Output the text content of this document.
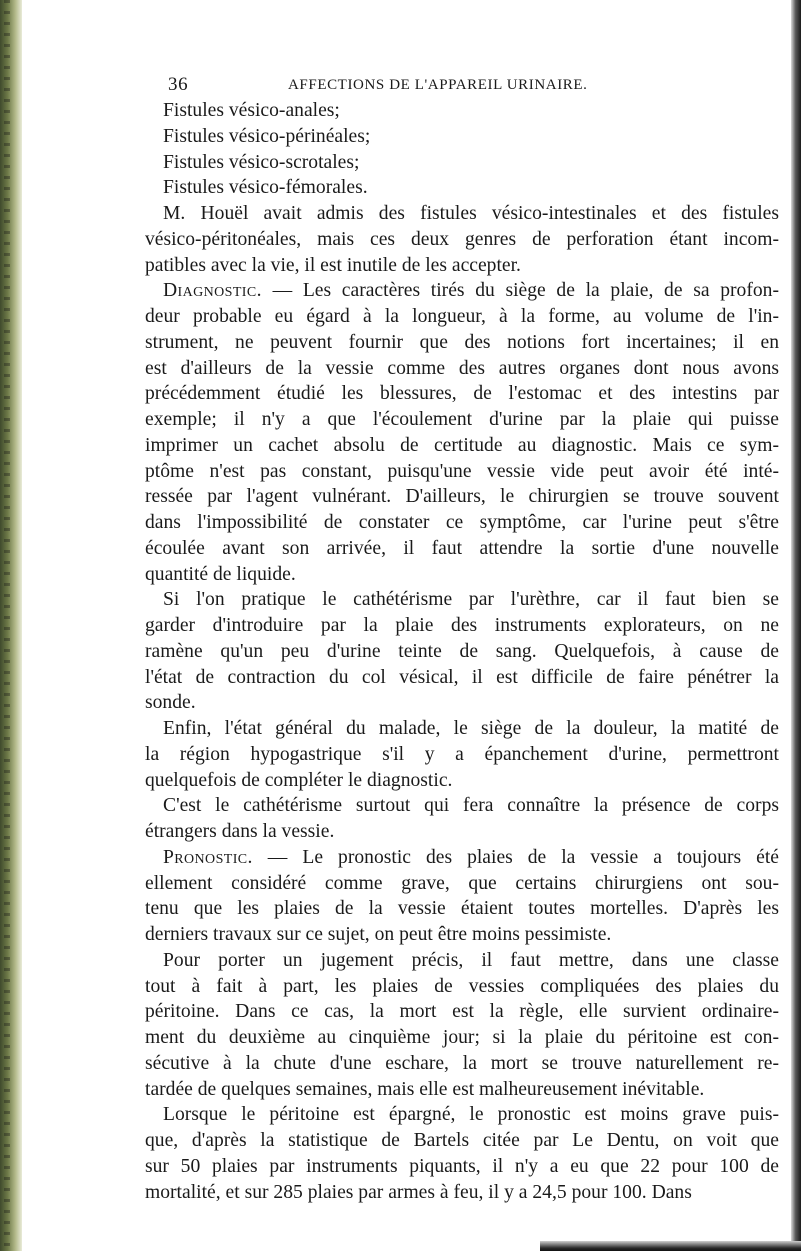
36	AFFECTIONS DE L'APPAREIL URINAIRE.
Fistules vésico-anales;
Fistules vésico-périnéales;
Fistules vésico-scrotales;
Fistules vésico-fémorales.
M. Houël avait admis des fistules vésico-intestinales et des fistules
vésico-péritonéales, mais ces deux genres de perforation étant incom-
patibles avec la vie, il est inutile de les accepter.
Diagnostic. — Les caractères tirés du siège de la plaie, de sa profon-
deur probable eu égard à la longueur, à la forme, au volume de l'in-
strument, ne peuvent fournir que des notions fort incertaines; il en
est d'ailleurs de la vessie comme des autres organes dont nous avons
précédemment étudié les blessures, de l'estomac et des intestins par
exemple; il n'y a que l'écoulement d'urine par la plaie qui puisse
imprimer un cachet absolu de certitude au diagnostic. Mais ce sym-
ptôme n'est pas constant, puisqu'une vessie vide peut avoir été inté-
ressée par l'agent vulnérant. D'ailleurs, le chirurgien se trouve souvent
dans l'impossibilité de constater ce symptôme, car l'urine peut s'être
écoulée avant son arrivée, il faut attendre la sortie d'une nouvelle
quantité de liquide.
Si l'on pratique le cathétérisme par l'urèthre, car il faut bien se
garder d'introduire par la plaie des instruments explorateurs, on ne
ramène qu'un peu d'urine teinte de sang. Quelquefois, à cause de
l'état de contraction du col vésical, il est difficile de faire pénétrer la
sonde.
Enfin, l'état général du malade, le siège de la douleur, la matité de
la région hypogastrique s'il y a épanchement d'urine, permettront
quelquefois de compléter le diagnostic.
C'est le cathétérisme surtout qui fera connaître la présence de corps
étrangers dans la vessie.
Pronostic. — Le pronostic des plaies de la vessie a toujours été
ellement considéré comme grave, que certains chirurgiens ont sou-
tenu que les plaies de la vessie étaient toutes mortelles. D'après les
derniers travaux sur ce sujet, on peut être moins pessimiste.
Pour porter un jugement précis, il faut mettre, dans une classe
tout à fait à part, les plaies de vessies compliquées des plaies du
péritoine. Dans ce cas, la mort est la règle, elle survient ordinaire-
ment du deuxième au cinquième jour; si la plaie du péritoine est con-
sécutive à la chute d'une eschare, la mort se trouve naturellement re-
tardée de quelques semaines, mais elle est malheureusement inévitable.
Lorsque le péritoine est épargné, le pronostic est moins grave puis-
que, d'après la statistique de Bartels citée par Le Dentu, on voit que
sur 50 plaies par instruments piquants, il n'y a eu que 22 pour 100 de
mortalité, et sur 285 plaies par armes à feu, il y a 24,5 pour 100. Dans
